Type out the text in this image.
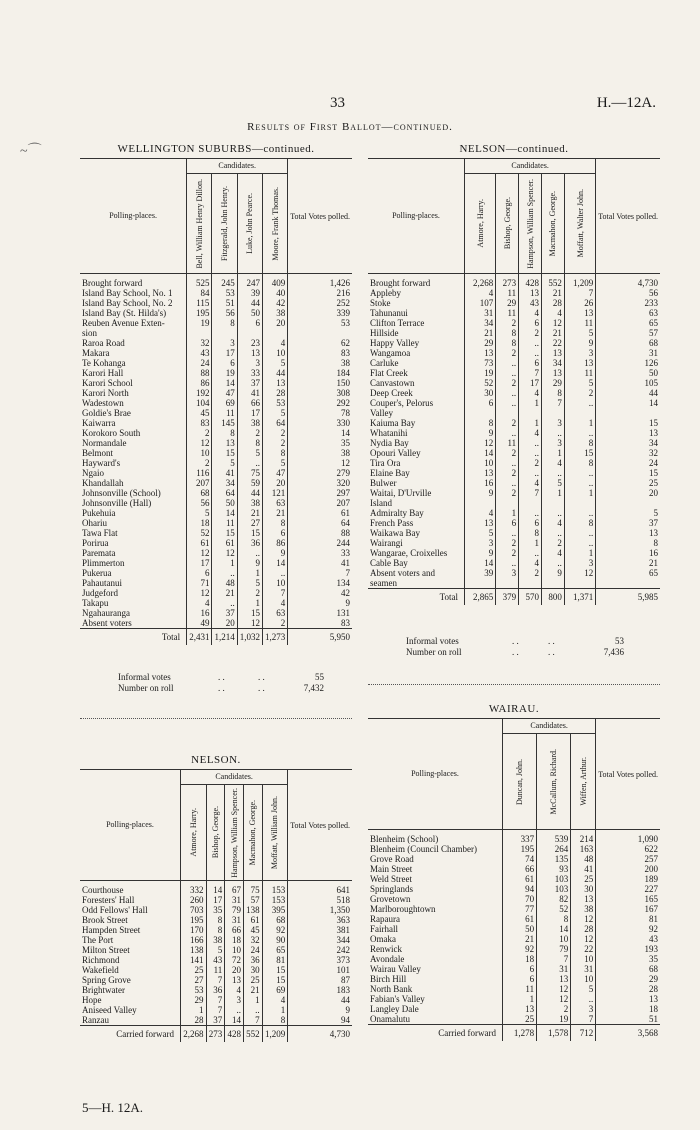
~⌒
33	H.—12A.
Results of First Ballot—continued.
WELLINGTON SUBURBS—continued.
Polling-places.	Candidates.				Total Votes polled.

	Bell, William Henry Dillon.	Fitzgerald, John Henry.	Luke, John Pearce.	Moore, Frank Thomas.	

Brought forward	525	245	247	409	1,426
Island Bay School, No. 1	84	53	39	40	216
Island Bay School, No. 2	115	51	44	42	252
Island Bay (St. Hilda's)	195	56	50	38	339
Reuben Avenue Exten-	19	8	6	20	53
sion					
Raroa Road	32	3	23	4	62
Makara	43	17	13	10	83
Te Kohanga	24	6	3	5	38
Karori Hall	88	19	33	44	184
Karori School	86	14	37	13	150
Karori North	192	47	41	28	308
Wadestown	104	69	66	53	292
Goldie's Brae	45	11	17	5	78
Kaiwarra	83	145	38	64	330
Korokoro South	2	8	2	2	14
Normandale	12	13	8	2	35
Belmont	10	15	5	8	38
Hayward's	2	5	..	5	12
Ngaio	116	41	75	47	279
Khandallah	207	34	59	20	320
Johnsonville (School)	68	64	44	121	297
Johnsonville (Hall)	56	50	38	63	207
Pukehuia	5	14	21	21	61
Ohariu	18	11	27	8	64
Tawa Flat	52	15	15	6	88
Porirua	61	61	36	86	244
Paremata	12	12	..	9	33
Plimmerton	17	1	9	14	41
Pukerua	6	..	1	..	7
Pahautanui	71	48	5	10	134
Judgeford	12	21	2	7	42
Takapu	4	..	1	4	9
Ngahauranga	16	37	15	63	131
Absent voters	49	20	12	2	83
Total	2,431	1,214	1,032	1,273	5,950
Informal votes	. .	. .	55
Number on roll	. .	. .	7,432
NELSON—continued.
Polling-places.	Candidates.					Total Votes polled.

	Atmore, Harry.	Bishop, George.	Hampson, William Spencer.	Macmahon, George.	Moffatt, Walter John.	

Brought forward	2,268	273	428	552	1,209	4,730
Appleby	4	11	13	21	7	56
Stoke	107	29	43	28	26	233
Tahunanui	31	11	4	4	13	63
Clifton Terrace	34	2	6	12	11	65
Hillside	21	8	2	21	5	57
Happy Valley	29	8	..	22	9	68
Wangamoa	13	2	..	13	3	31
Carluke	73	..	6	34	13	126
Flat Creek	19	..	7	13	11	50
Canvastown	52	2	17	29	5	105
Deep Creek	30	..	4	8	2	44
Couper's, Pelorus	6	..	1	7	..	14
Valley						
Kaiuma Bay	8	2	1	3	1	15
Whatanihi	9	..	4	..	..	13
Nydia Bay	12	11	..	3	8	34
Opouri Valley	14	2	..	1	15	32
Tira Ora	10	..	2	4	8	24
Elaine Bay	13	2	..	..	..	15
Bulwer	16	..	4	5	..	25
Waitai, D'Urville	9	2	7	1	1	20
Island						
Admiralty Bay	4	1	..	..	..	5
French Pass	13	6	6	4	8	37
Waikawa Bay	5	..	8	..	..	13
Wairangi	3	2	1	2	..	8
Wangarae, Croixelles	9	2	..	4	1	16
Cable Bay	14	..	4	..	3	21
Absent voters and	39	3	2	9	12	65
seamen						
Total	2,865	379	570	800	1,371	5,985
Informal votes	. .	. .	53
Number on roll	. .	. .	7,436
NELSON.
Polling-places.	Candidates.					Total Votes polled.

	Atmore, Harry.	Bishop, George.	Hampson, William Spencer.	Macmahon, George.	Moffatt, William John.	

Courthouse	332	14	67	75	153	641
Foresters' Hall	260	17	31	57	153	518
Odd Fellows' Hall	703	35	79	138	395	1,350
Brook Street	195	8	31	61	68	363
Hampden Street	170	8	66	45	92	381
The Port	166	38	18	32	90	344
Milton Street	138	5	10	24	65	242
Richmond	141	43	72	36	81	373
Wakefield	25	11	20	30	15	101
Spring Grove	27	7	13	25	15	87
Brightwater	53	36	4	21	69	183
Hope	29	7	3	1	4	44
Aniseed Valley	1	7	..	..	1	9
Ranzau	28	37	14	7	8	94
Carried forward	2,268	273	428	552	1,209	4,730
WAIRAU.
Polling-places.	Candidates.			Total Votes polled.

	Duncan, John.	McCallum, Richard.	Wiffen, Arthur.	

Blenheim (School)	337	539	214	1,090
Blenheim (Council Chamber)	195	264	163	622
Grove Road	74	135	48	257
Main Street	66	93	41	200
Weld Street	61	103	25	189
Springlands	94	103	30	227
Grovetown	70	82	13	165
Marlboroughtown	77	52	38	167
Rapaura	61	8	12	81
Fairhall	50	14	28	92
Omaka	21	10	12	43
Renwick	92	79	22	193
Avondale	18	7	10	35
Wairau Valley	6	31	31	68
Birch Hill	6	13	10	29
North Bank	11	12	5	28
Fabian's Valley	1	12	..	13
Langley Dale	13	2	3	18
Onamalutu	25	19	7	51
Carried forward	1,278	1,578	712	3,568
5—H. 12A.
